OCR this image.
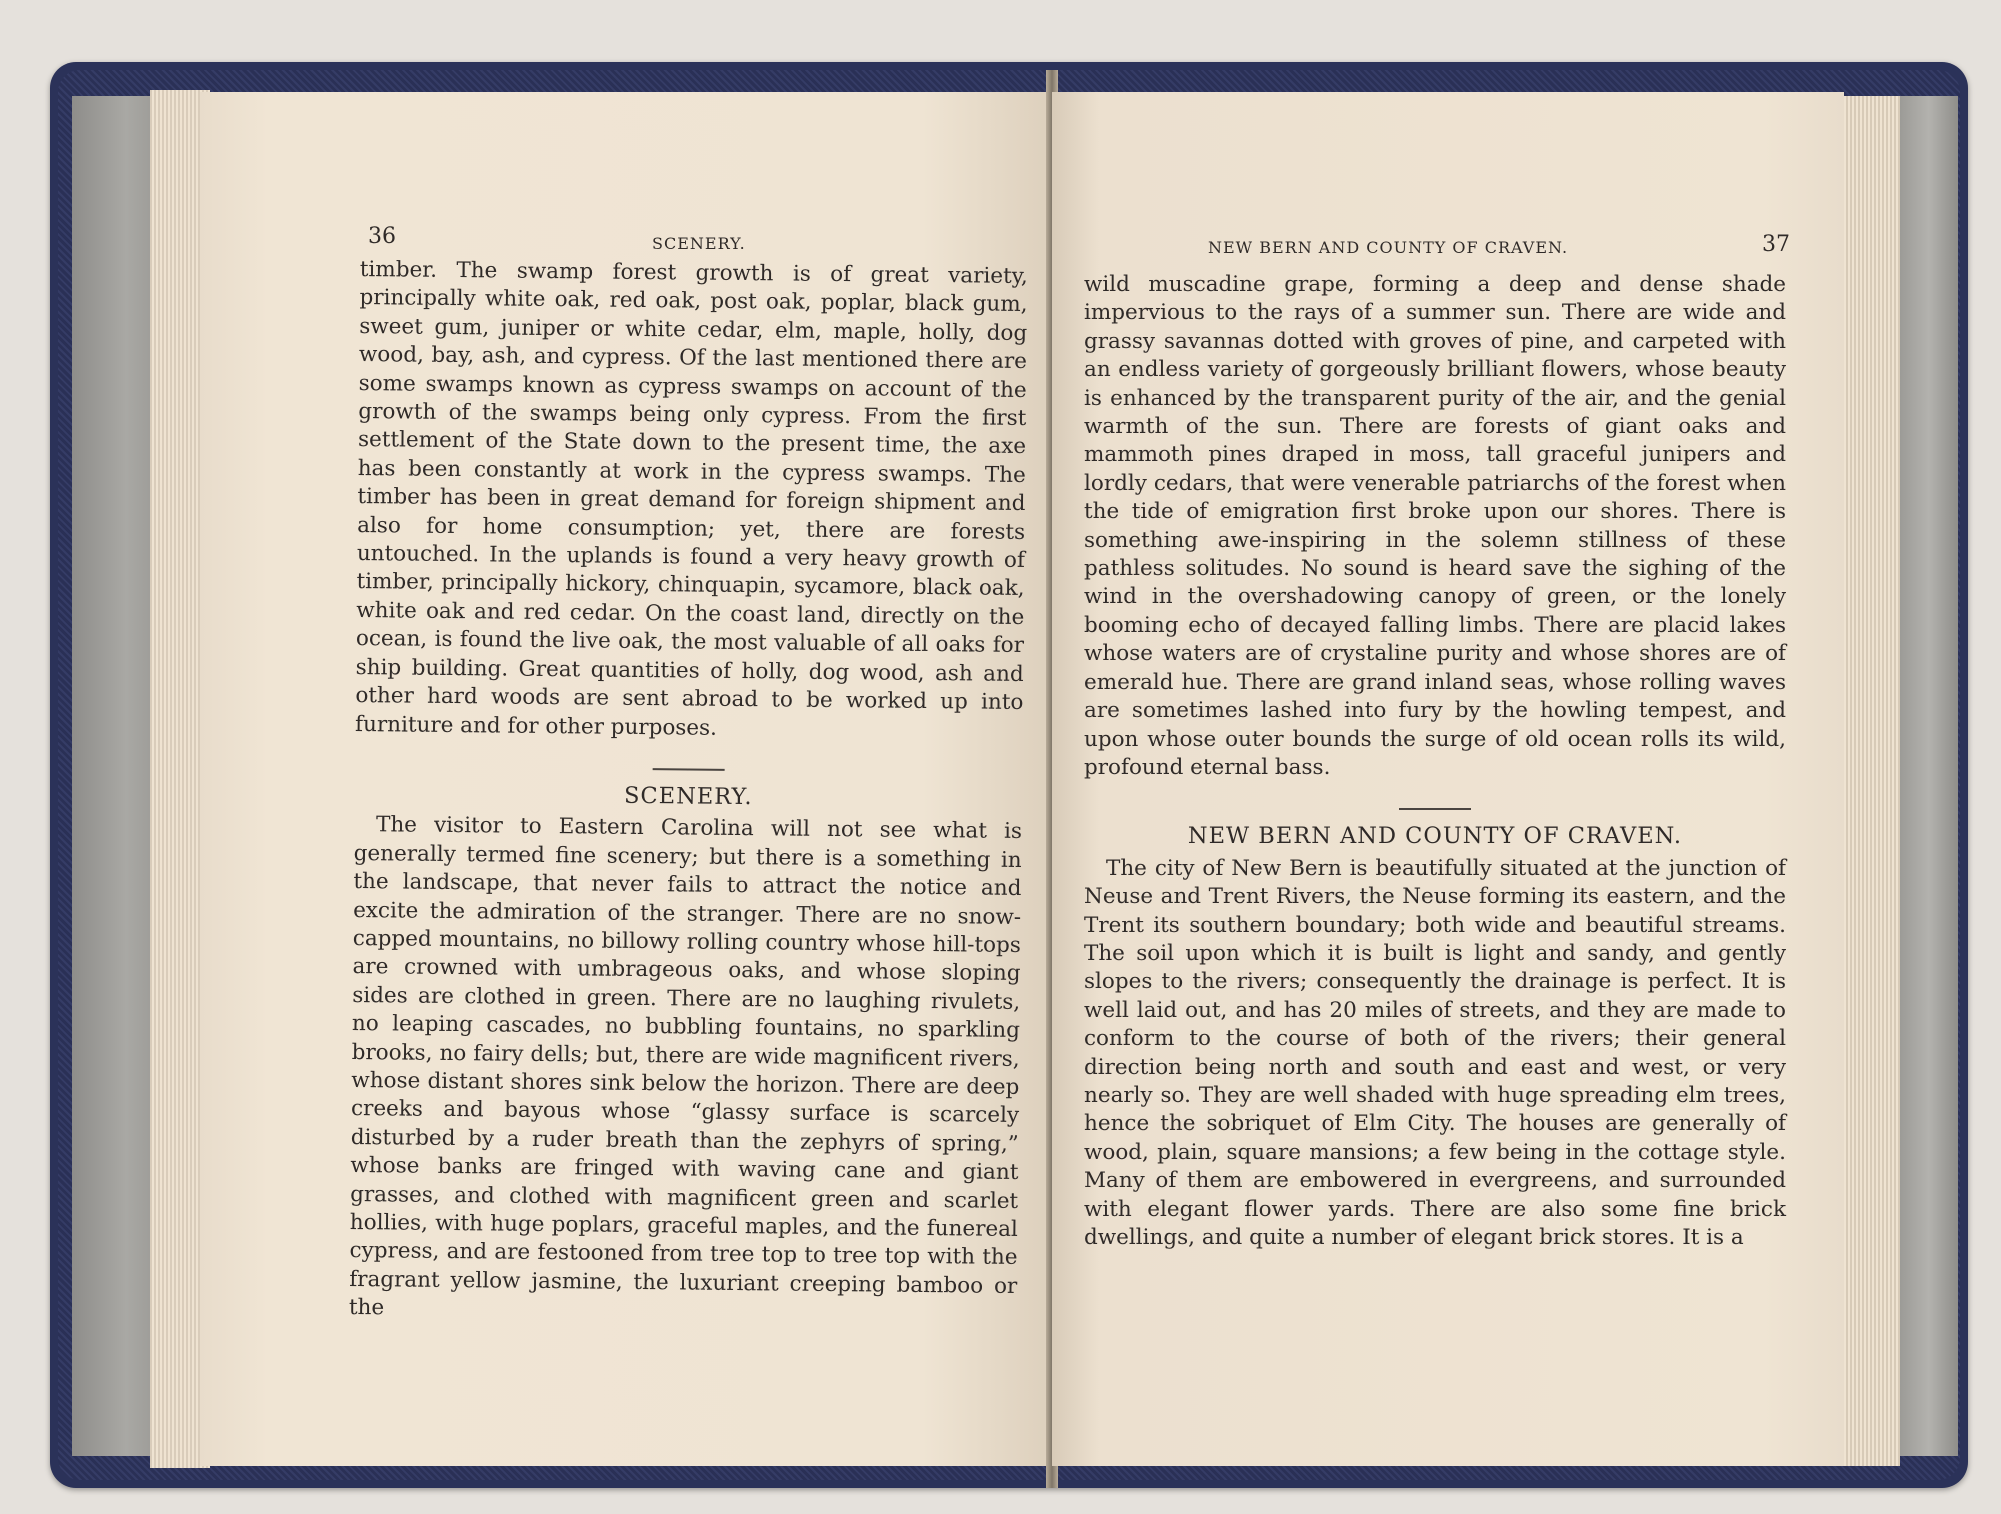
36	SCENERY.

timber. The swamp forest growth is of great variety, principally white oak, red oak, post oak, poplar, black gum, sweet gum, juniper or white cedar, elm, maple, holly, dog wood, bay, ash, and cypress. Of the last mentioned there are some swamps known as cypress swamps on account of the growth of the swamps being only cypress. From the first settlement of the State down to the present time, the axe has been constantly at work in the cypress swamps. The timber has been in great demand for foreign shipment and also for home consumption; yet, there are forests untouched. In the uplands is found a very heavy growth of timber, principally hickory, chinquapin, sycamore, black oak, white oak and red cedar. On the coast land, directly on the ocean, is found the live oak, the most valuable of all oaks for ship building. Great quantities of holly, dog wood, ash and other hard woods are sent abroad to be worked up into furniture and for other purposes.

SCENERY.

The visitor to Eastern Carolina will not see what is generally termed fine scenery; but there is a something in the landscape, that never fails to attract the notice and excite the admiration of the stranger. There are no snow-capped mountains, no billowy rolling country whose hill-tops are crowned with umbrageous oaks, and whose sloping sides are clothed in green. There are no laughing rivulets, no leaping cascades, no bubbling fountains, no sparkling brooks, no fairy dells; but, there are wide magnificent rivers, whose distant shores sink below the horizon. There are deep creeks and bayous whose “glassy surface is scarcely disturbed by a ruder breath than the zephyrs of spring,” whose banks are fringed with waving cane and giant grasses, and clothed with magnificent green and scarlet hollies, with huge poplars, graceful maples, and the funereal cypress, and are festooned from tree top to tree top with the fragrant yellow jasmine, the luxuriant creeping bamboo or the

NEW BERN AND COUNTY OF CRAVEN.	37

wild muscadine grape, forming a deep and dense shade impervious to the rays of a summer sun. There are wide and grassy savannas dotted with groves of pine, and carpeted with an endless variety of gorgeously brilliant flowers, whose beauty is enhanced by the transparent purity of the air, and the genial warmth of the sun. There are forests of giant oaks and mammoth pines draped in moss, tall graceful junipers and lordly cedars, that were venerable patriarchs of the forest when the tide of emigration first broke upon our shores. There is something awe-inspiring in the solemn stillness of these pathless solitudes. No sound is heard save the sighing of the wind in the overshadowing canopy of green, or the lonely booming echo of decayed falling limbs. There are placid lakes whose waters are of crystaline purity and whose shores are of emerald hue. There are grand inland seas, whose rolling waves are sometimes lashed into fury by the howling tempest, and upon whose outer bounds the surge of old ocean rolls its wild, profound eternal bass.

NEW BERN AND COUNTY OF CRAVEN.

The city of New Bern is beautifully situated at the junction of Neuse and Trent Rivers, the Neuse forming its eastern, and the Trent its southern boundary; both wide and beautiful streams. The soil upon which it is built is light and sandy, and gently slopes to the rivers; consequently the drainage is perfect. It is well laid out, and has 20 miles of streets, and they are made to conform to the course of both of the rivers; their general direction being north and south and east and west, or very nearly so. They are well shaded with huge spreading elm trees, hence the sobriquet of Elm City. The houses are generally of wood, plain, square mansions; a few being in the cottage style. Many of them are embowered in evergreens, and surrounded with elegant flower yards. There are also some fine brick dwellings, and quite a number of elegant brick stores. It is a
